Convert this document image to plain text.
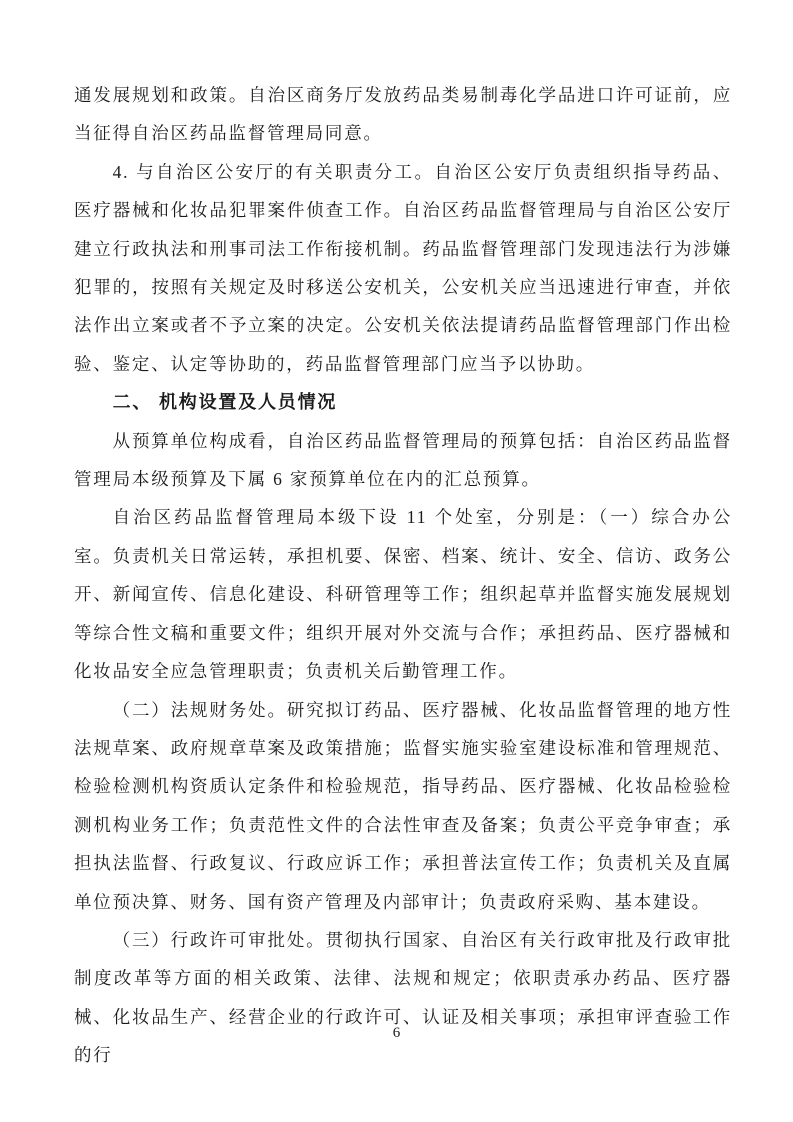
通发展规划和政策。自治区商务厅发放药品类易制毒化学品进口许可证前，应当征得自治区药品监督管理局同意。

4. 与自治区公安厅的有关职责分工。自治区公安厅负责组织指导药品、医疗器械和化妆品犯罪案件侦查工作。自治区药品监督管理局与自治区公安厅建立行政执法和刑事司法工作衔接机制。药品监督管理部门发现违法行为涉嫌犯罪的，按照有关规定及时移送公安机关，公安机关应当迅速进行审查，并依法作出立案或者不予立案的决定。公安机关依法提请药品监督管理部门作出检验、鉴定、认定等协助的，药品监督管理部门应当予以协助。

二、 机构设置及人员情况

从预算单位构成看，自治区药品监督管理局的预算包括：自治区药品监督管理局本级预算及下属 6 家预算单位在内的汇总预算。

自治区药品监督管理局本级下设 11 个处室，分别是：（一）综合办公室。负责机关日常运转，承担机要、保密、档案、统计、安全、信访、政务公开、新闻宣传、信息化建设、科研管理等工作；组织起草并监督实施发展规划等综合性文稿和重要文件；组织开展对外交流与合作；承担药品、医疗器械和化妆品安全应急管理职责；负责机关后勤管理工作。

（二）法规财务处。研究拟订药品、医疗器械、化妆品监督管理的地方性法规草案、政府规章草案及政策措施；监督实施实验室建设标准和管理规范、检验检测机构资质认定条件和检验规范，指导药品、医疗器械、化妆品检验检测机构业务工作；负责范性文件的合法性审查及备案；负责公平竞争审查；承担执法监督、行政复议、行政应诉工作；承担普法宣传工作；负责机关及直属单位预决算、财务、国有资产管理及内部审计；负责政府采购、基本建设。

（三）行政许可审批处。贯彻执行国家、自治区有关行政审批及行政审批制度改革等方面的相关政策、法律、法规和规定；依职责承办药品、医疗器械、化妆品生产、经营企业的行政许可、认证及相关事项；承担审评查验工作的行

6
